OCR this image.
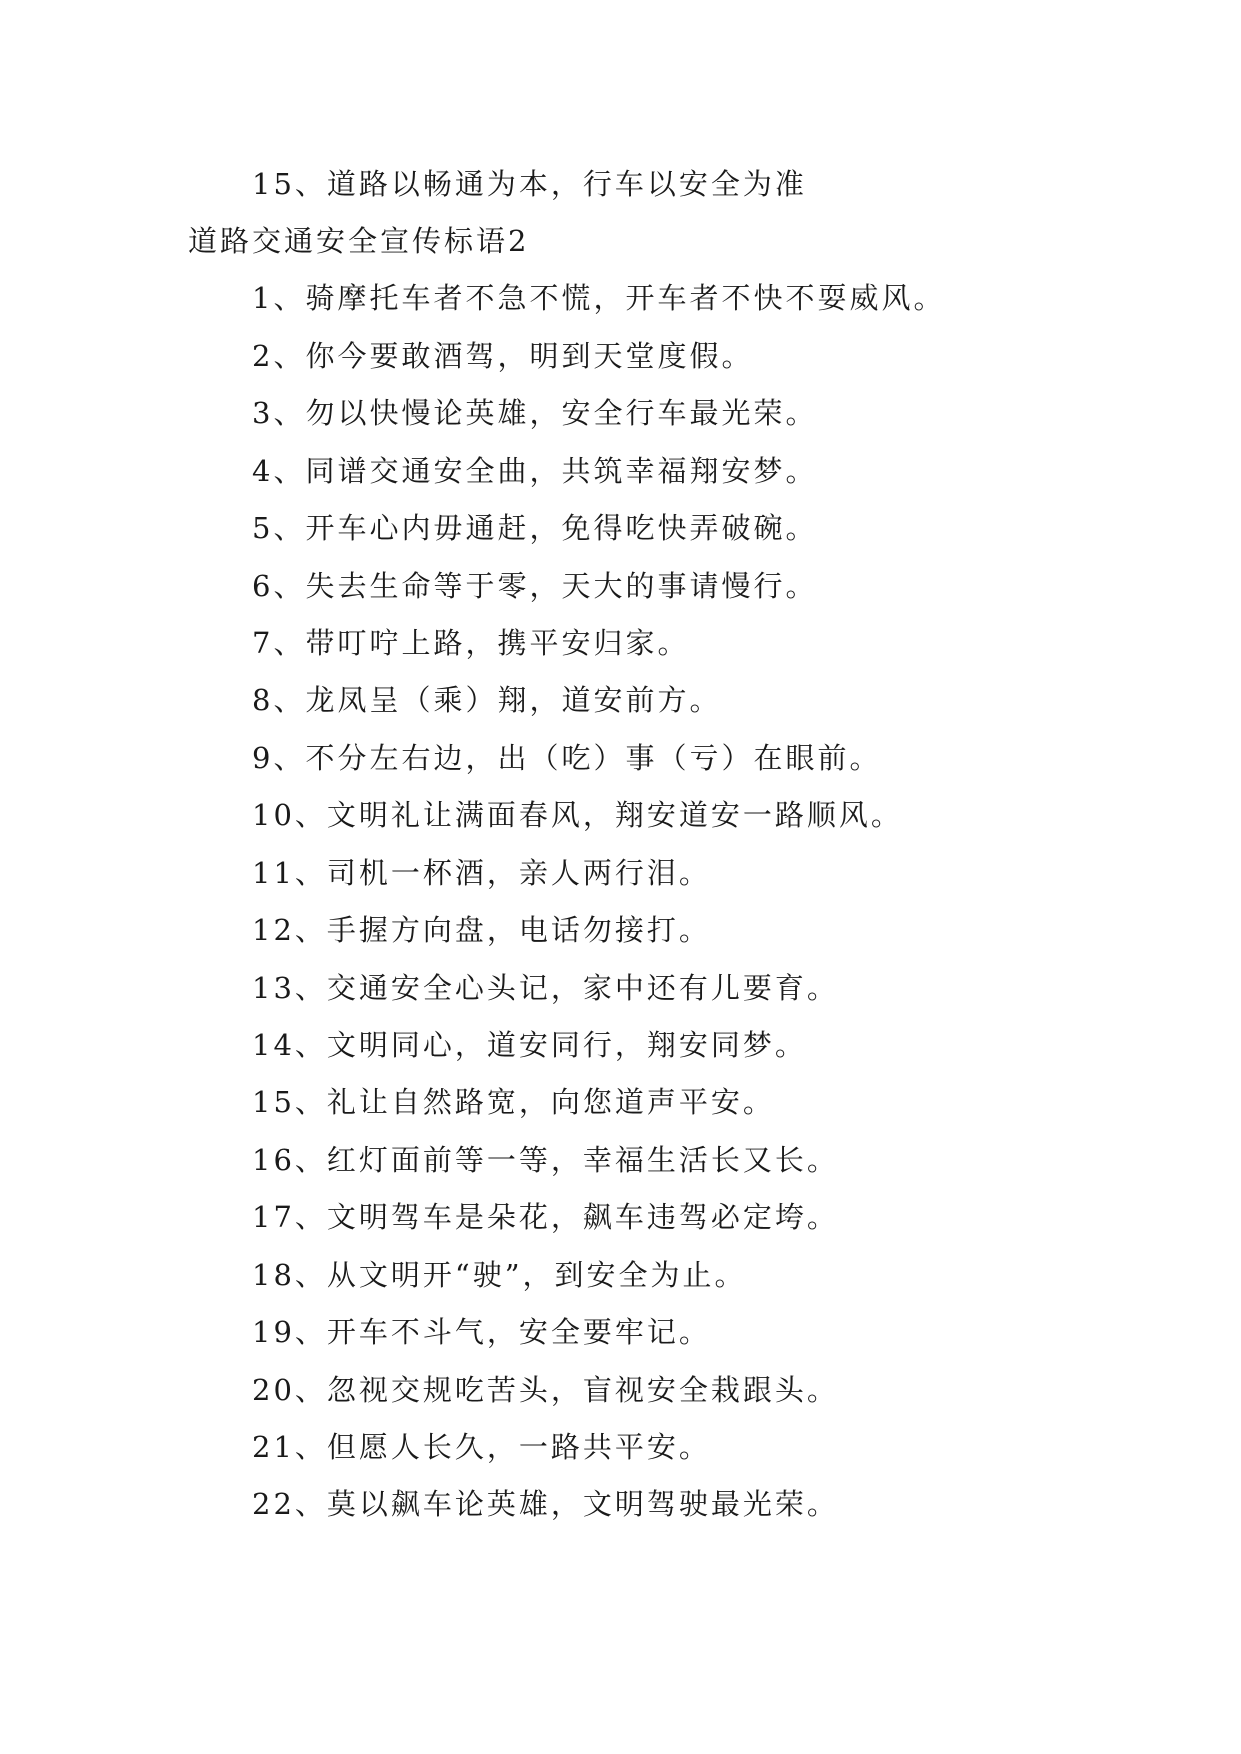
15、道路以畅通为本，行车以安全为准
道路交通安全宣传标语2
1、骑摩托车者不急不慌，开车者不快不耍威风。
2、你今要敢酒驾，明到天堂度假。
3、勿以快慢论英雄，安全行车最光荣。
4、同谱交通安全曲，共筑幸福翔安梦。
5、开车心内毋通赶，免得吃快弄破碗。
6、失去生命等于零，天大的事请慢行。
7、带叮咛上路，携平安归家。
8、龙凤呈（乘）翔，道安前方。
9、不分左右边，出（吃）事（亏）在眼前。
10、文明礼让满面春风，翔安道安一路顺风。
11、司机一杯酒，亲人两行泪。
12、手握方向盘，电话勿接打。
13、交通安全心头记，家中还有儿要育。
14、文明同心，道安同行，翔安同梦。
15、礼让自然路宽，向您道声平安。
16、红灯面前等一等，幸福生活长又长。
17、文明驾车是朵花，飙车违驾必定垮。
18、从文明开“驶”，到安全为止。
19、开车不斗气，安全要牢记。
20、忽视交规吃苦头，盲视安全栽跟头。
21、但愿人长久，一路共平安。
22、莫以飙车论英雄，文明驾驶最光荣。
